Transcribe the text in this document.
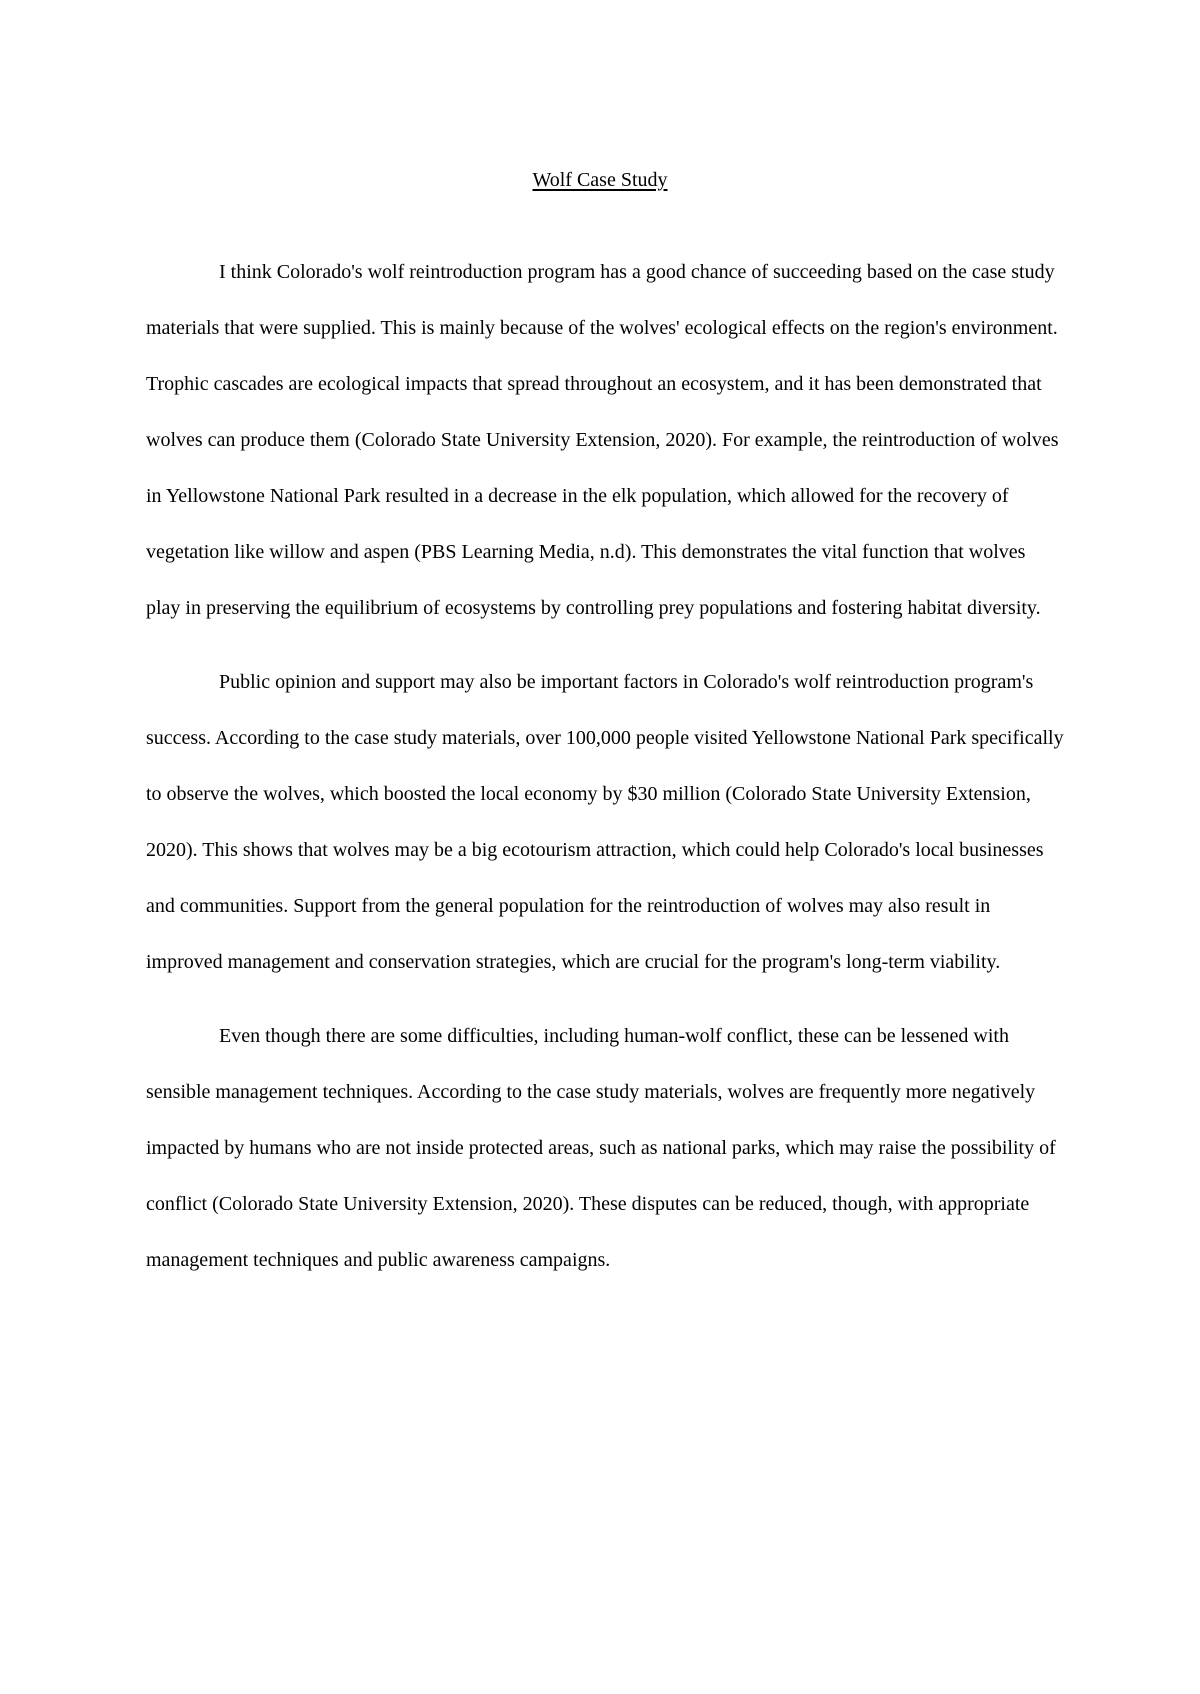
Wolf Case Study

I think Colorado's wolf reintroduction program has a good chance of succeeding based on the case study materials that were supplied. This is mainly because of the wolves' ecological effects on the region's environment. Trophic cascades are ecological impacts that spread throughout an ecosystem, and it has been demonstrated that wolves can produce them (Colorado State University Extension, 2020). For example, the reintroduction of wolves in Yellowstone National Park resulted in a decrease in the elk population, which allowed for the recovery of vegetation like willow and aspen (PBS Learning Media, n.d). This demonstrates the vital function that wolves play in preserving the equilibrium of ecosystems by controlling prey populations and fostering habitat diversity.

Public opinion and support may also be important factors in Colorado's wolf reintroduction program's success. According to the case study materials, over 100,000 people visited Yellowstone National Park specifically to observe the wolves, which boosted the local economy by $30 million (Colorado State University Extension, 2020). This shows that wolves may be a big ecotourism attraction, which could help Colorado's local businesses and communities. Support from the general population for the reintroduction of wolves may also result in improved management and conservation strategies, which are crucial for the program's long-term viability.

Even though there are some difficulties, including human-wolf conflict, these can be lessened with sensible management techniques. According to the case study materials, wolves are frequently more negatively impacted by humans who are not inside protected areas, such as national parks, which may raise the possibility of conflict (Colorado State University Extension, 2020). These disputes can be reduced, though, with appropriate management techniques and public awareness campaigns.
